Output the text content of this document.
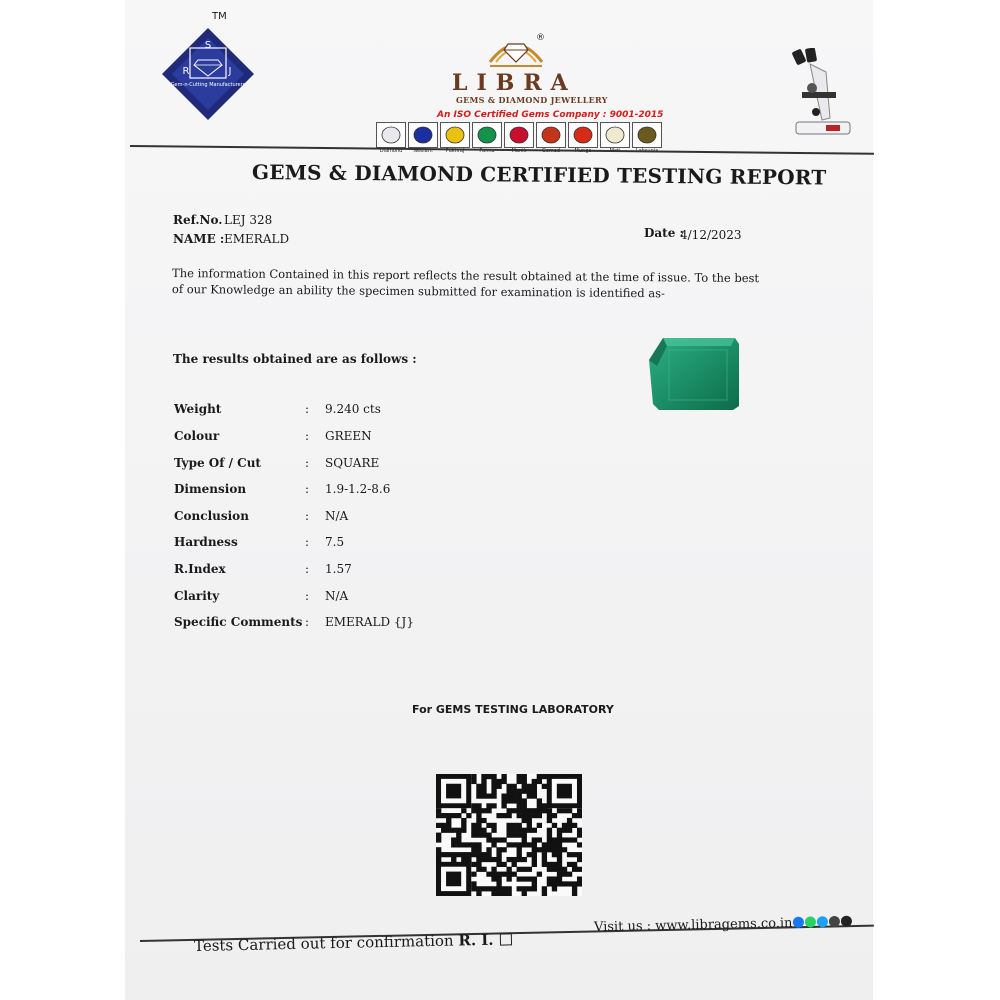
S
R	J
Gem-n-Cutting Manufacturers
TM
®
LIBRA
GEMS & DIAMOND JEWELLERY
An ISO Certified Gems Company : 9001-2015
Diamond	Neelam	Pukhraj	Panna
GEMS & DIAMOND CERTIFIED TESTING REPORT
Ref.No. LEJ 328
NAME : EMERALD	Date :
4/12/2023
The information Contained in this report reflects the result obtained at the time of issue. To the best of our Knowledge an ability the specimen submitted for examination is identified as-
The results obtained are as follows :
Weight	: 9.240 cts
Colour	: GREEN
Type Of / Cut	: SQUARE
Dimension	: 1.9-1.2-8.6
Conclusion	: N/A
Hardness	: 7.5
R.Index	: 1.57
Clarity	: N/A
Specific Comments : EMERALD {J}
For GEMS TESTING LABORATORY
Tests Carried out for confirmation R. I.
Visit us : www.libragems.co.in
